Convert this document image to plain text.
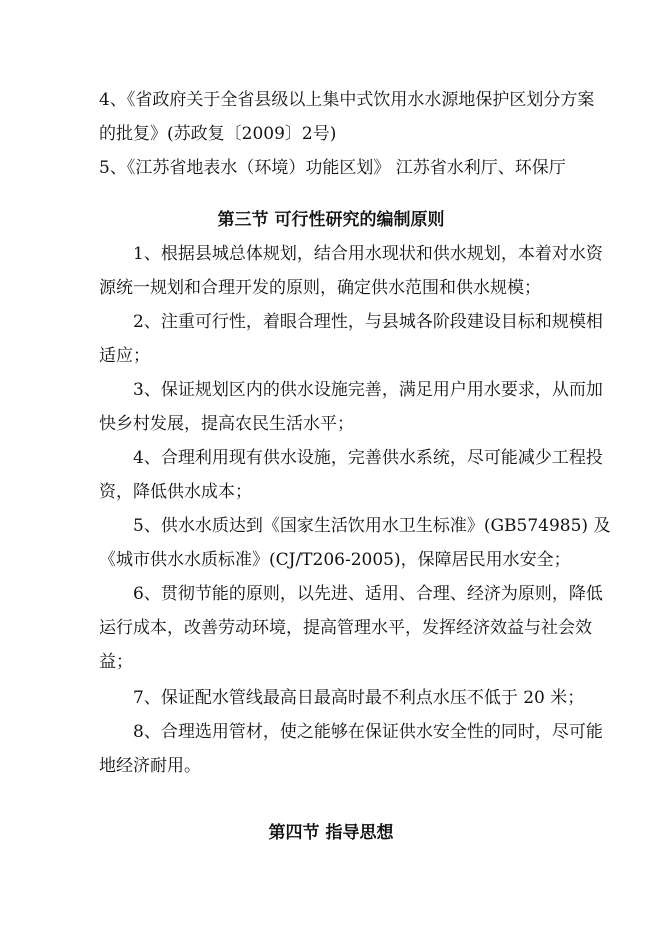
4、《省政府关于全省县级以上集中式饮用水水源地保护区划分方案
的批复》(苏政复〔2009〕2号)
5、《江苏省地表水（环境）功能区划》 江苏省水利厅、环保厅
第三节 可行性研究的编制原则
1、根据县城总体规划，结合用水现状和供水规划，本着对水资
源统一规划和合理开发的原则，确定供水范围和供水规模；
2、注重可行性，着眼合理性，与县城各阶段建设目标和规模相
适应；
3、保证规划区内的供水设施完善，满足用户用水要求，从而加
快乡村发展，提高农民生活水平；
4、合理利用现有供水设施，完善供水系统，尽可能减少工程投
资，降低供水成本；
5、供水水质达到《国家生活饮用水卫生标准》(GB574985) 及
《城市供水水质标准》(CJ/T206-2005)，保障居民用水安全；
6、贯彻节能的原则，以先进、适用、合理、经济为原则，降低
运行成本，改善劳动环境，提高管理水平，发挥经济效益与社会效
益；
7、保证配水管线最高日最高时最不利点水压不低于 20 米；
8、合理选用管材，使之能够在保证供水安全性的同时，尽可能
地经济耐用。
第四节 指导思想
